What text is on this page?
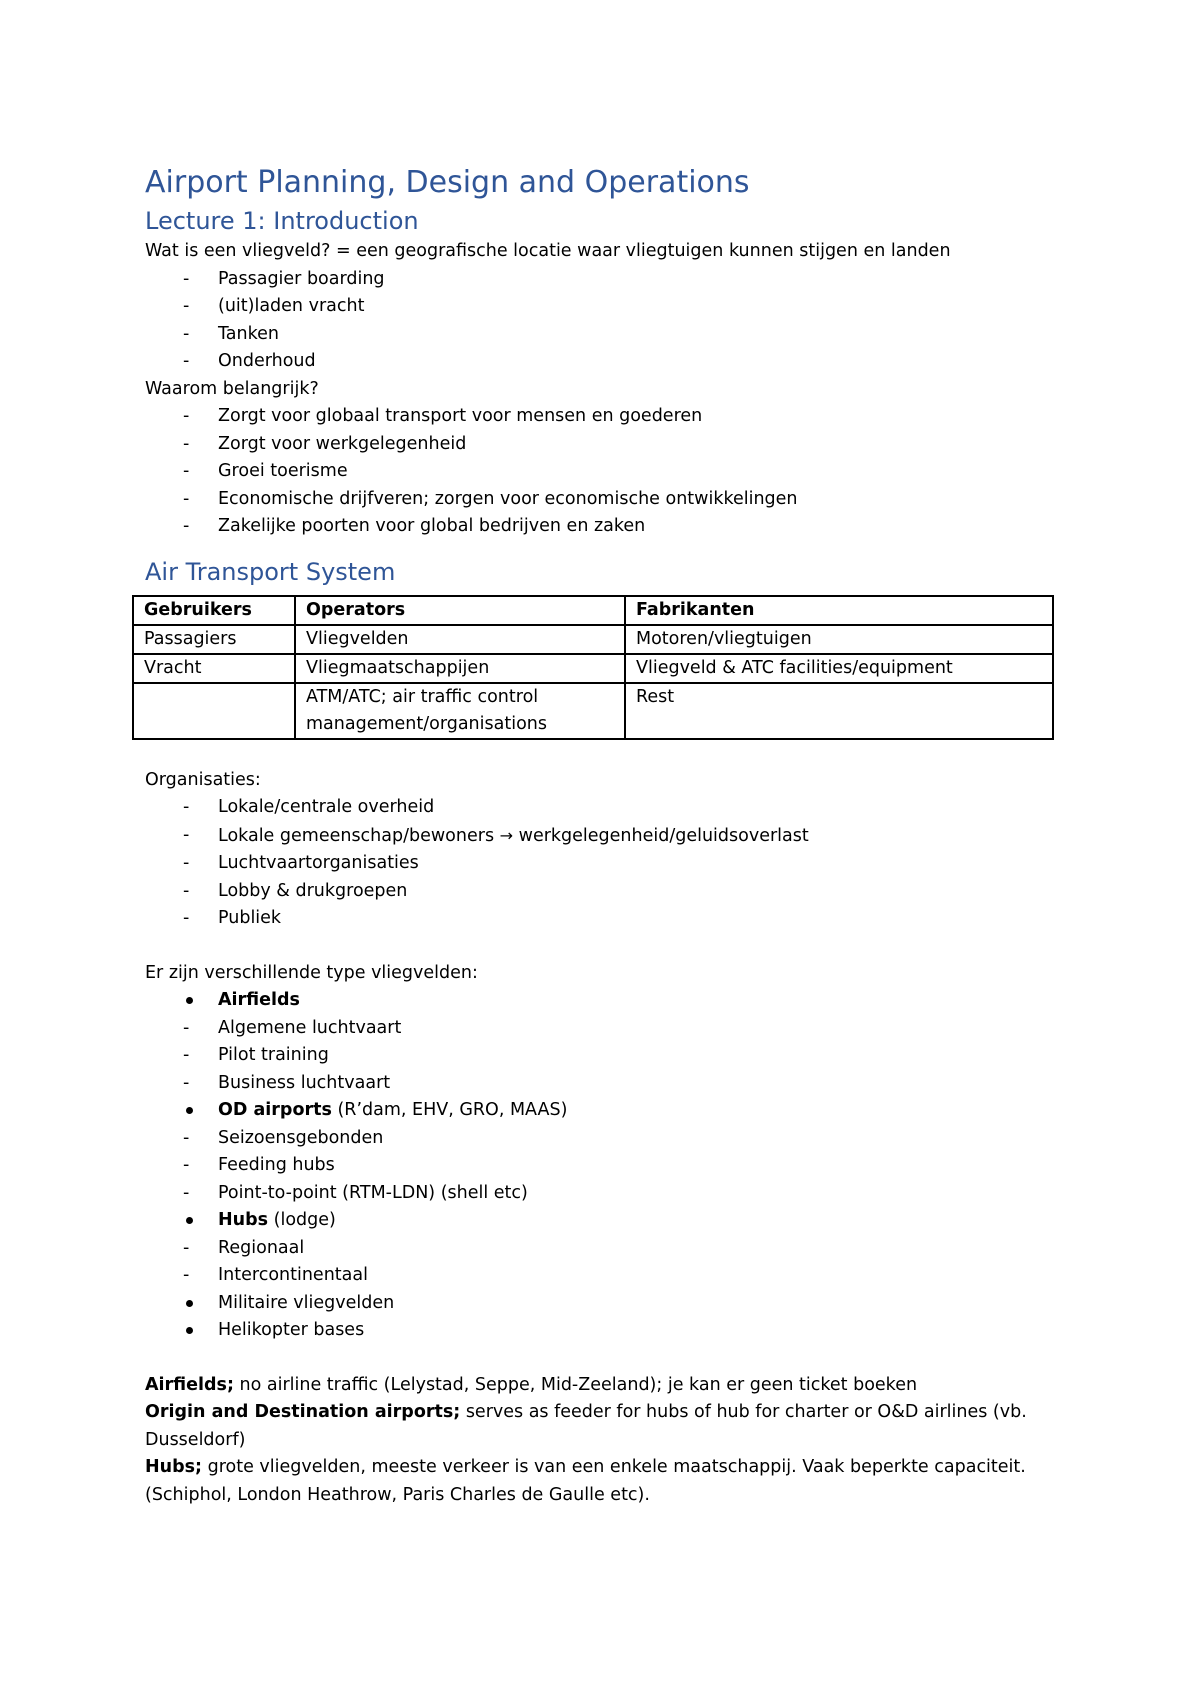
Airport Planning, Design and Operations
Lecture 1: Introduction

Wat is een vliegveld? = een geografische locatie waar vliegtuigen kunnen stijgen en landen

- Passagier boarding
- (uit)laden vracht
- Tanken
- Onderhoud

Waarom belangrijk?

- Zorgt voor globaal transport voor mensen en goederen
- Zorgt voor werkgelegenheid
- Groei toerisme
- Economische drijfveren; zorgen voor economische ontwikkelingen
- Zakelijke poorten voor global bedrijven en zaken
Air Transport System
Gebruikers	Operators	Fabrikanten
Passagiers	Vliegvelden	Motoren/vliegtuigen
Vracht	Vliegmaatschappijen	Vliegveld & ATC facilities/equipment
	ATM/ATC; air traffic control management/organisations	Rest

Organisaties:

- Lokale/centrale overheid
- Lokale gemeenschap/bewoners → werkgelegenheid/geluidsoverlast
- Luchtvaartorganisaties
- Lobby & drukgroepen
- Publiek

Er zijn verschillende type vliegvelden:

Airfields
- Algemene luchtvaart
- Pilot training
- Business luchtvaart
OD airports (R’dam, EHV, GRO, MAAS)
- Seizoensgebonden
- Feeding hubs
- Point-to-point (RTM-LDN) (shell etc)
Hubs (lodge)
- Regionaal
- Intercontinentaal
Militaire vliegvelden
Helikopter bases

Airfields; no airline traffic (Lelystad, Seppe, Mid-Zeeland); je kan er geen ticket boeken

Origin and Destination airports; serves as feeder for hubs of hub for charter or O&D airlines (vb. Dusseldorf)

Hubs; grote vliegvelden, meeste verkeer is van een enkele maatschappij. Vaak beperkte capaciteit. (Schiphol, London Heathrow, Paris Charles de Gaulle etc).
